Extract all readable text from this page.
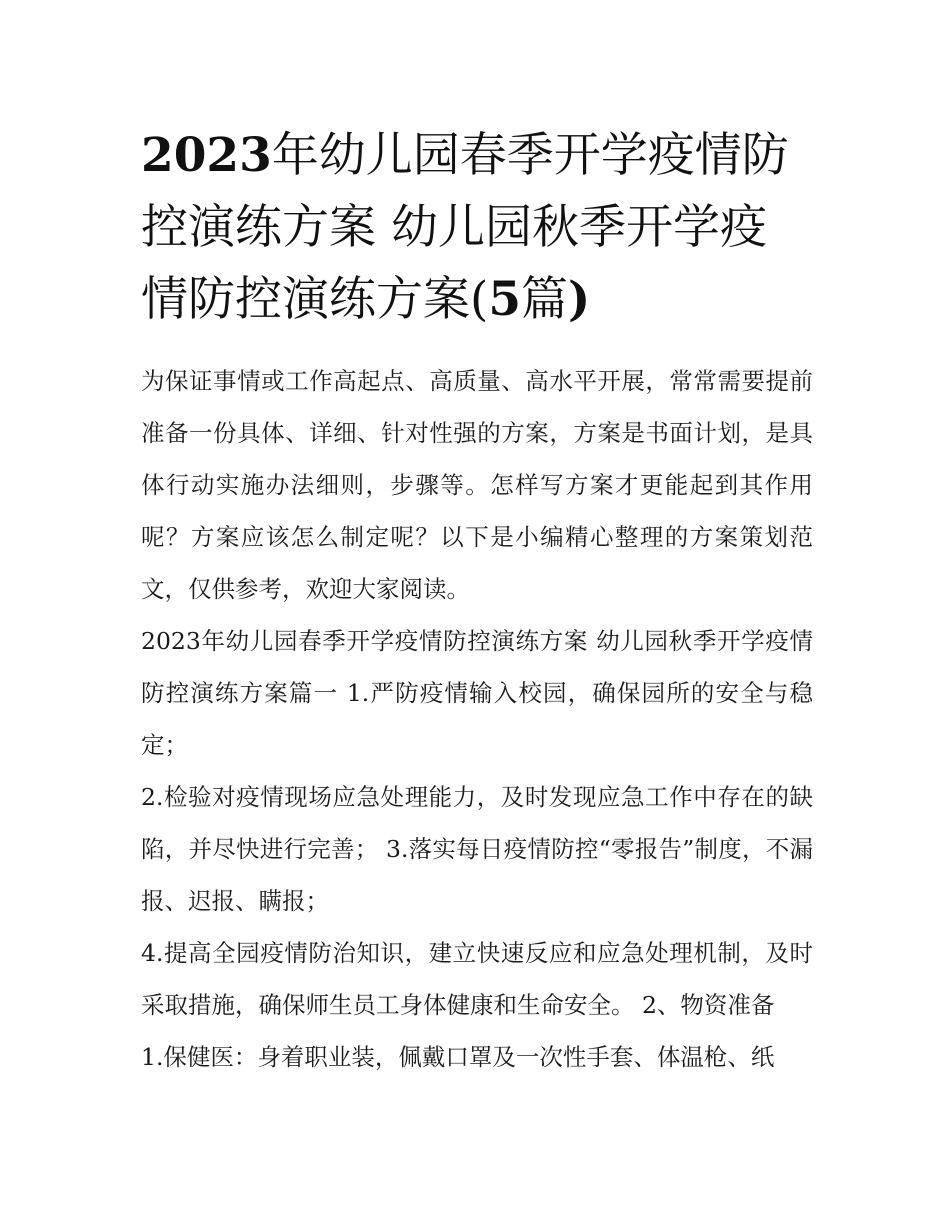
2023年幼儿园春季开学疫情防控演练方案 幼儿园秋季开学疫情防控演练方案(5篇)

为保证事情或工作高起点、高质量、高水平开展，常常需要提前准备一份具体、详细、针对性强的方案，方案是书面计划，是具体行动实施办法细则，步骤等。怎样写方案才更能起到其作用呢？方案应该怎么制定呢？以下是小编精心整理的方案策划范文，仅供参考，欢迎大家阅读。

2023年幼儿园春季开学疫情防控演练方案 幼儿园秋季开学疫情防控演练方案篇一 1.严防疫情输入校园，确保园所的安全与稳定；

2.检验对疫情现场应急处理能力，及时发现应急工作中存在的缺陷，并尽快进行完善； 3.落实每日疫情防控“零报告”制度，不漏报、迟报、瞒报；

4.提高全园疫情防治知识，建立快速反应和应急处理机制，及时采取措施，确保师生员工身体健康和生命安全。 2、物资准备

1.保健医：身着职业装，佩戴口罩及一次性手套、体温枪、纸
